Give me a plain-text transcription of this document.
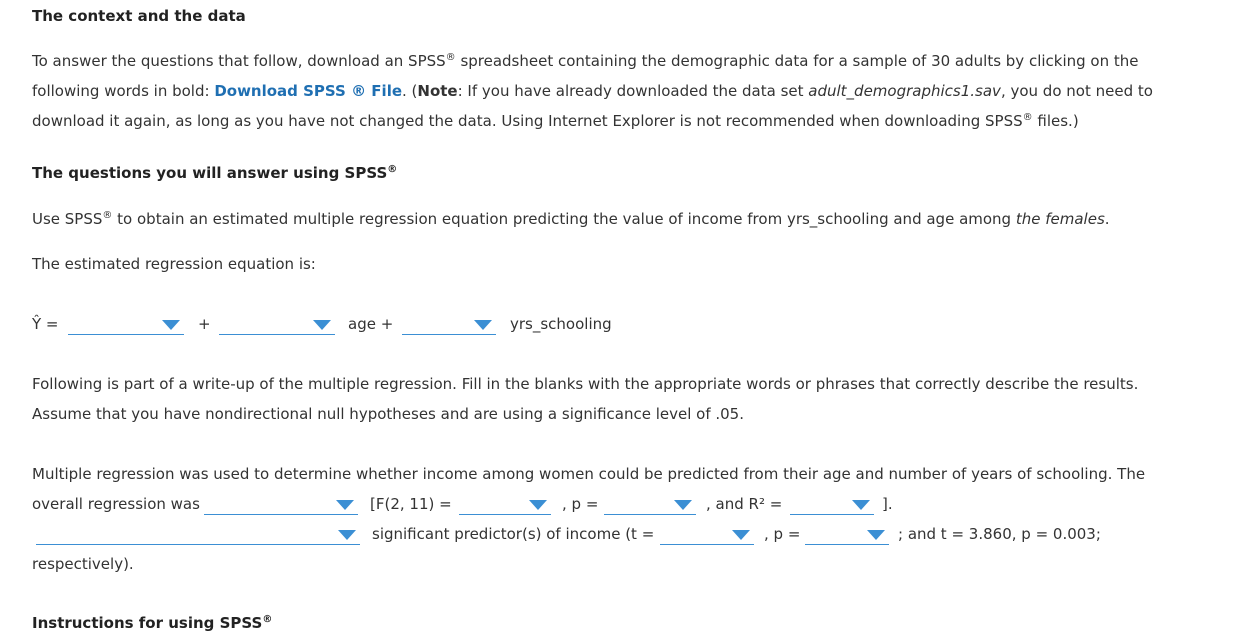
The context and the data
To answer the questions that follow, download an SPSS® spreadsheet containing the demographic data for a sample of 30 adults by clicking on the
following words in bold: Download SPSS ® File. (Note: If you have already downloaded the data set adult_demographics1.sav, you do not need to
download it again, as long as you have not changed the data. Using Internet Explorer is not recommended when downloading SPSS® files.)
The questions you will answer using SPSS®
Use SPSS® to obtain an estimated multiple regression equation predicting the value of income from yrs_schooling and age among the females.
The estimated regression equation is:
Ŷ =	+	age +	yrs_schooling
Following is part of a write-up of the multiple regression. Fill in the blanks with the appropriate words or phrases that correctly describe the results.
Assume that you have nondirectional null hypotheses and are using a significance level of .05.
Multiple regression was used to determine whether income among women could be predicted from their age and number of years of schooling. The
overall regression was	[F(2, 11) =	, p =	, and R² =	].
significant predictor(s) of income (t =	, p =	; and t = 3.860, p = 0.003;
respectively).
Instructions for using SPSS®
